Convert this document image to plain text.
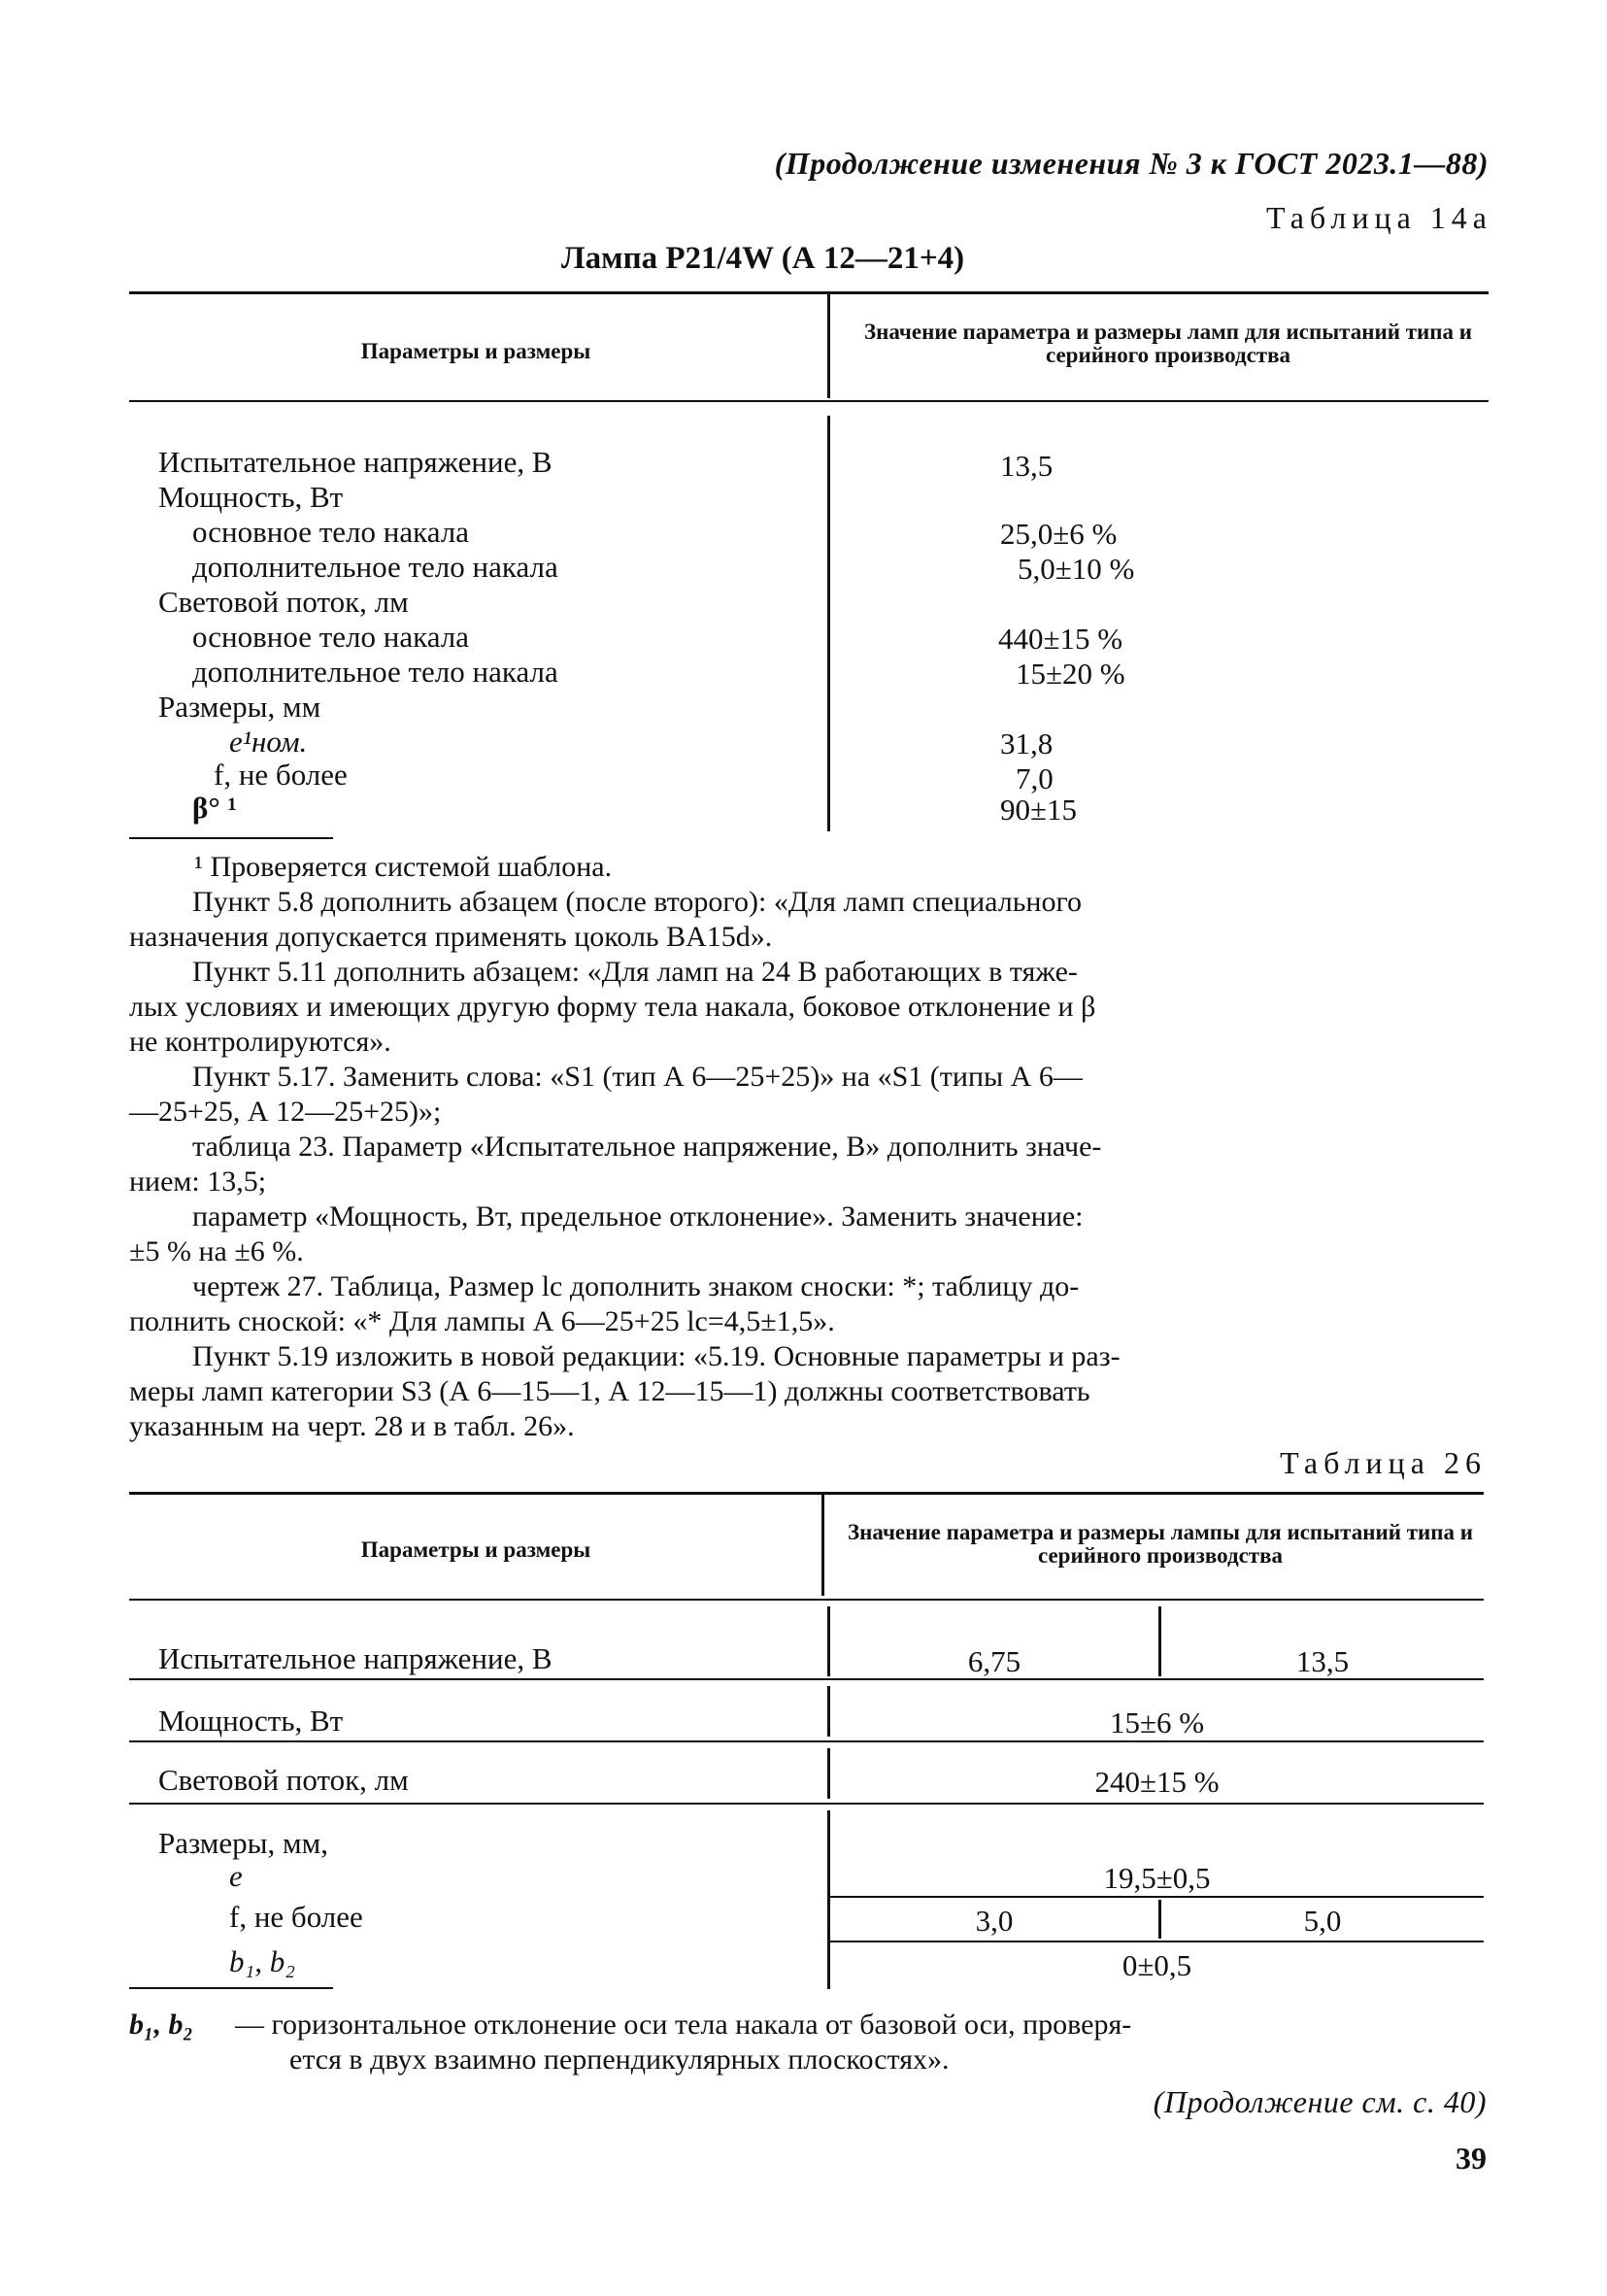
(Продолжение изменения № 3 к ГОСТ 2023.1—88)
Таблица 14а
Лампа Р21/4W (А 12—21+4)
Параметры и размеры
Значение параметра и размеры ламп для испытаний типа и серийного производства
Испытательное напряжение, В	13,5
Мощность, Вт
основное тело накала	25,0±6 %
дополнительное тело накала	5,0±10 %
Световой поток, лм
основное тело накала	440±15 %
дополнительное тело накала	15±20 %
Размеры, мм
e¹ном.	31,8
f, не более	7,0
β° ¹	90±15
¹ Проверяется системой шаблона.
Пункт 5.8 дополнить абзацем (после второго): «Для ламп специального
назначения допускается применять цоколь BA15d».
Пункт 5.11 дополнить абзацем: «Для ламп на 24 В работающих в тяже-
лых условиях и имеющих другую форму тела накала, боковое отклонение и β
не контролируются».
Пункт 5.17. Заменить слова: «S1 (тип А 6—25+25)» на «S1 (типы А 6—
—25+25, А 12—25+25)»;
таблица 23. Параметр «Испытательное напряжение, В» дополнить значе-
нием: 13,5;
параметр «Мощность, Вт, предельное отклонение». Заменить значение:
±5 % на ±6 %.
чертеж 27. Таблица, Размер lс дополнить знаком сноски: *; таблицу до-
полнить сноской: «* Для лампы А 6—25+25 lс=4,5±1,5».
Пункт 5.19 изложить в новой редакции: «5.19. Основные параметры и раз-
меры ламп категории S3 (А 6—15—1, А 12—15—1) должны соответствовать
указанным на черт. 28 и в табл. 26».
Таблица 26
Параметры и размеры
Значение параметра и размеры лампы для испытаний типа и серийного производства
Испытательное напряжение, В	6,75	13,5
Мощность, Вт	15±6 %
Световой поток, лм	240±15 %
Размеры, мм,
e	19,5±0,5
f, не более	3,0	5,0
b₁, b₂	0±0,5
b₁, b₂ — горизонтальное отклонение оси тела накала от базовой оси, проверя-
ется в двух взаимно перпендикулярных плоскостях».
(Продолжение см. с. 40)
39
